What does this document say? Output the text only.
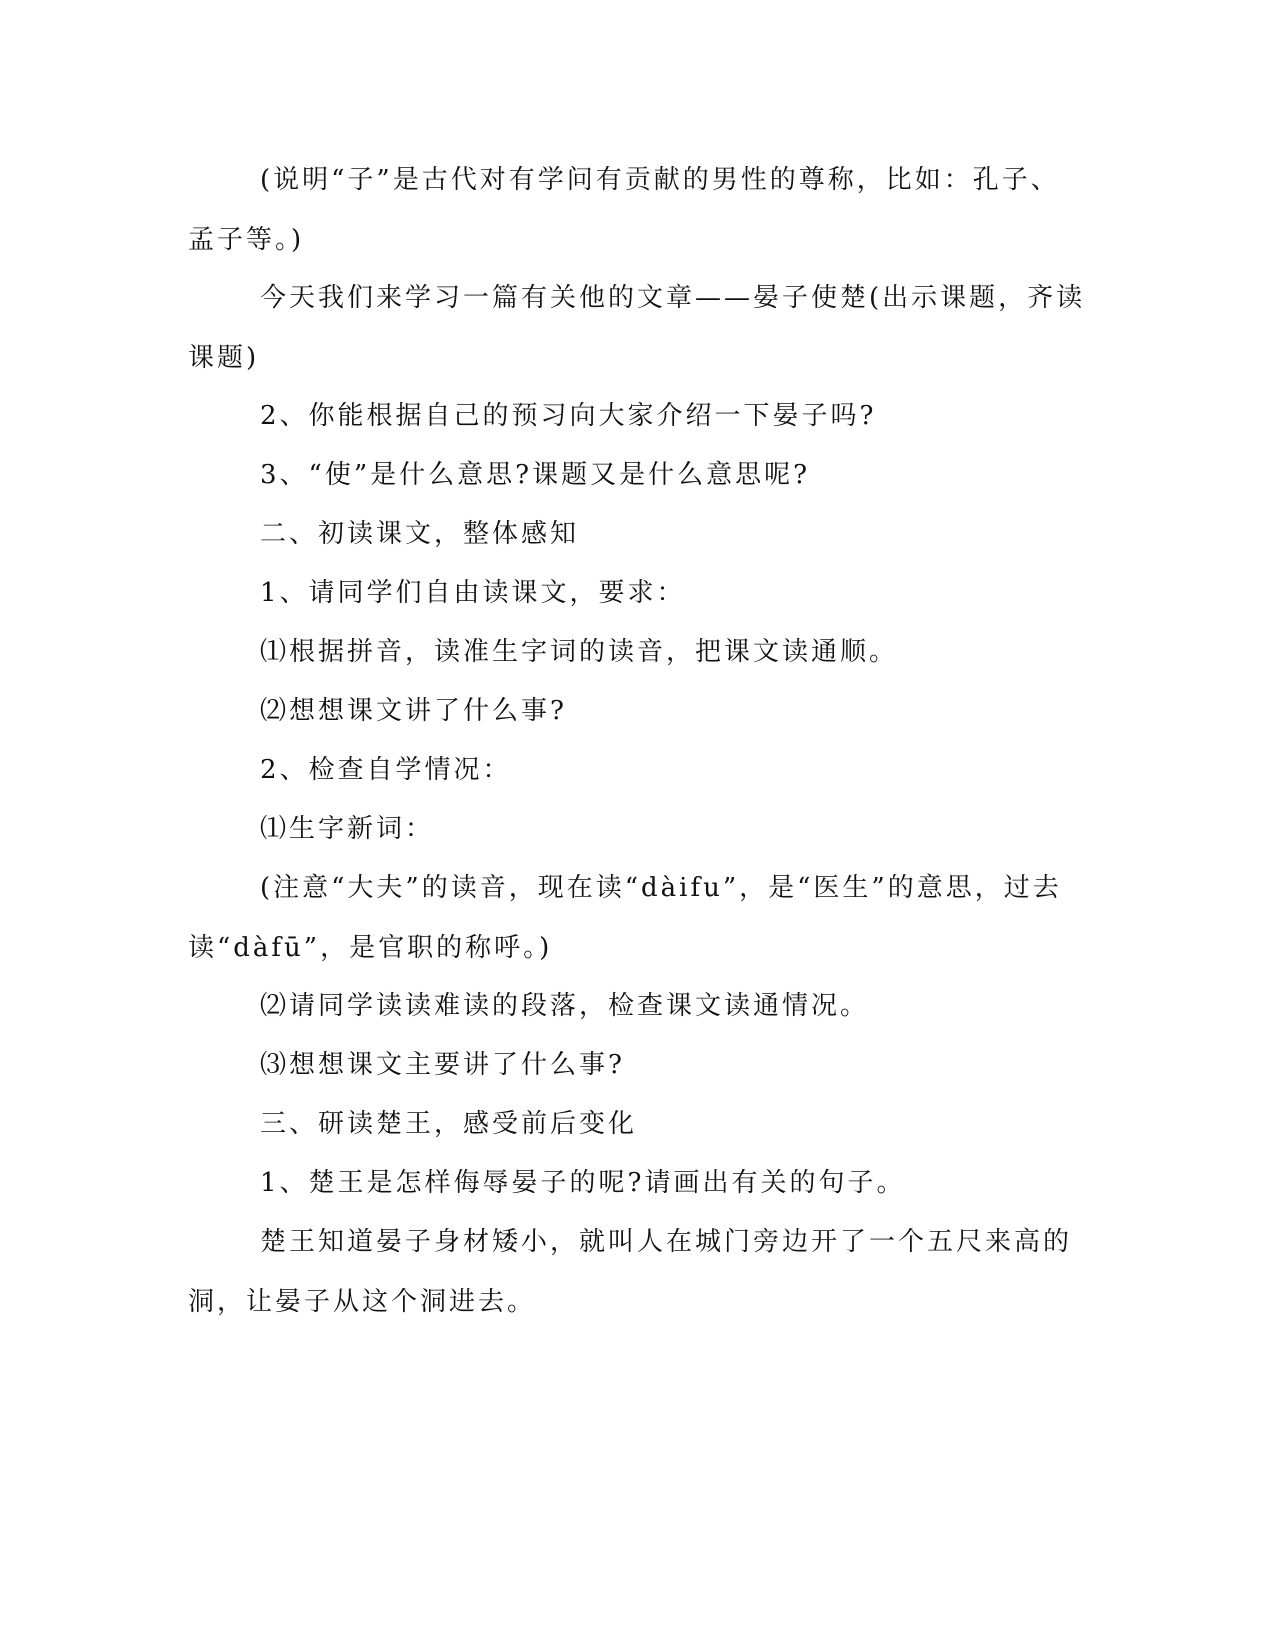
(说明“子”是古代对有学问有贡献的男性的尊称，比如：孔子、孟子等。)

今天我们来学习一篇有关他的文章——晏子使楚(出示课题，齐读课题)

2、你能根据自己的预习向大家介绍一下晏子吗?

3、“使”是什么意思?课题又是什么意思呢?

二、初读课文，整体感知

1、请同学们自由读课文，要求：

⑴根据拼音，读准生字词的读音，把课文读通顺。

⑵想想课文讲了什么事?

2、检查自学情况：

⑴生字新词：

(注意“大夫”的读音，现在读“dàifu”，是“医生”的意思，过去读“dàfū”，是官职的称呼。)

⑵请同学读读难读的段落，检查课文读通情况。

⑶想想课文主要讲了什么事?

三、研读楚王，感受前后变化

1、楚王是怎样侮辱晏子的呢?请画出有关的句子。

楚王知道晏子身材矮小，就叫人在城门旁边开了一个五尺来高的洞，让晏子从这个洞进去。
